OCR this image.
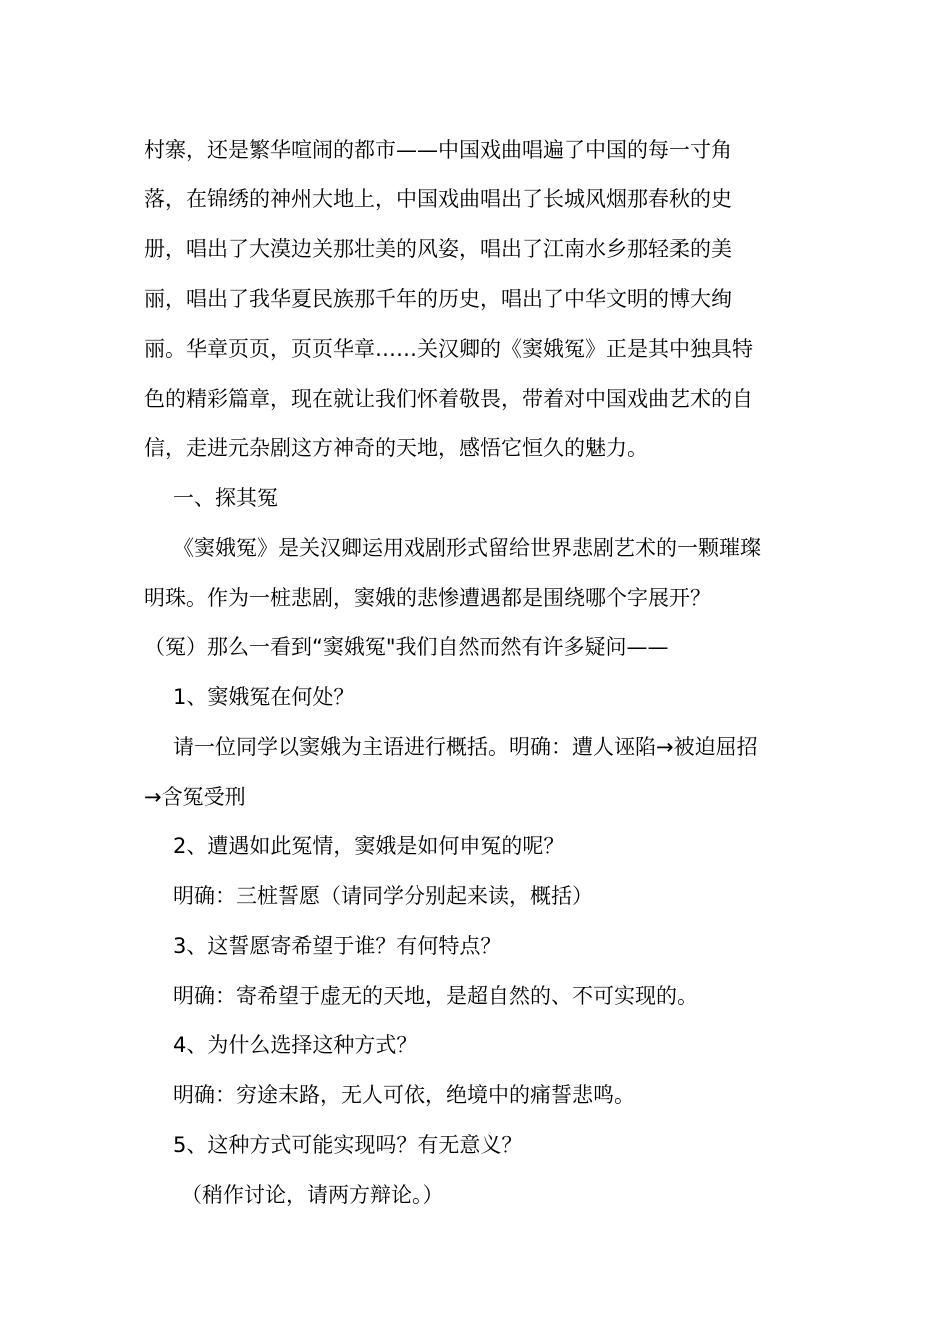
村寨，还是繁华喧闹的都市——中国戏曲唱遍了中国的每一寸角
落，在锦绣的神州大地上，中国戏曲唱出了长城风烟那春秋的史
册，唱出了大漠边关那壮美的风姿，唱出了江南水乡那轻柔的美
丽，唱出了我华夏民族那千年的历史，唱出了中华文明的博大绚
丽。华章页页，页页华章……关汉卿的《窦娥冤》正是其中独具特
色的精彩篇章，现在就让我们怀着敬畏，带着对中国戏曲艺术的自
信，走进元杂剧这方神奇的天地，感悟它恒久的魅力。
一、探其冤
《窦娥冤》是关汉卿运用戏剧形式留给世界悲剧艺术的一颗璀璨
明珠。作为一桩悲剧，窦娥的悲惨遭遇都是围绕哪个字展开？
（冤）那么一看到“窦娥冤"我们自然而然有许多疑问——
1、窦娥冤在何处？
请一位同学以窦娥为主语进行概括。明确：遭人诬陷→被迫屈招
→含冤受刑
2、遭遇如此冤情，窦娥是如何申冤的呢？
明确：三桩誓愿（请同学分别起来读，概括）
3、这誓愿寄希望于谁？有何特点？
明确：寄希望于虚无的天地，是超自然的、不可实现的。
4、为什么选择这种方式？
明确：穷途末路，无人可依，绝境中的痛誓悲鸣。
5、这种方式可能实现吗？有无意义？
（稍作讨论，请两方辩论。）
